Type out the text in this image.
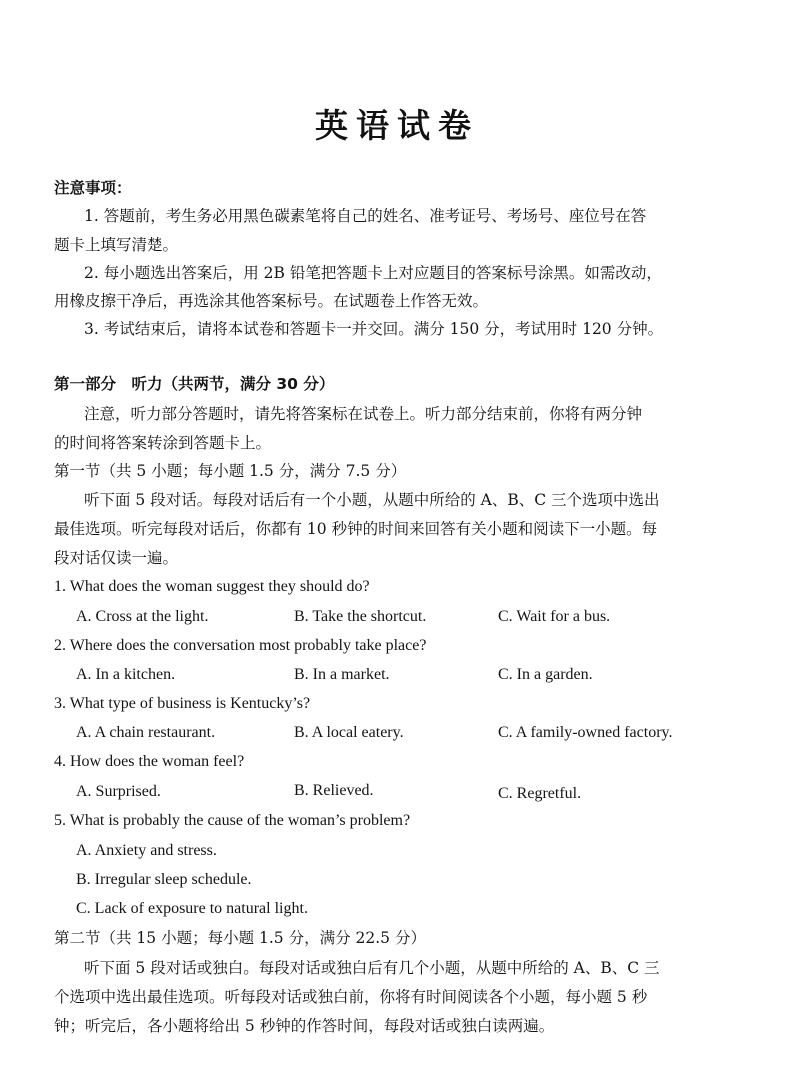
英语试卷
注意事项：
1. 答题前，考生务必用黑色碳素笔将自己的姓名、准考证号、考场号、座位号在答
题卡上填写清楚。
2. 每小题选出答案后，用 2B 铅笔把答题卡上对应题目的答案标号涂黑。如需改动，
用橡皮擦干净后，再选涂其他答案标号。在试题卷上作答无效。
3. 考试结束后，请将本试卷和答题卡一并交回。满分 150 分，考试用时 120 分钟。
第一部分　听力（共两节，满分 30 分）
注意，听力部分答题时，请先将答案标在试卷上。听力部分结束前，你将有两分钟
的时间将答案转涂到答题卡上。
第一节（共 5 小题；每小题 1.5 分，满分 7.5 分）
听下面 5 段对话。每段对话后有一个小题，从题中所给的 A、B、C 三个选项中选出
最佳选项。听完每段对话后，你都有 10 秒钟的时间来回答有关小题和阅读下一小题。每
段对话仅读一遍。
1. What does the woman suggest they should do?
A. Cross at the light.	B. Take the shortcut.	C. Wait for a bus.
2. Where does the conversation most probably take place?
A. In a kitchen.	B. In a market.	C. In a garden.
3. What type of business is Kentucky’s?
A. A chain restaurant.	B. A local eatery.	C. A family-owned factory.
4. How does the woman feel?
A. Surprised.	B. Relieved.	C. Regretful.
5. What is probably the cause of the woman’s problem?
A. Anxiety and stress.
B. Irregular sleep schedule.
C. Lack of exposure to natural light.
第二节（共 15 小题；每小题 1.5 分，满分 22.5 分）
听下面 5 段对话或独白。每段对话或独白后有几个小题，从题中所给的 A、B、C 三
个选项中选出最佳选项。听每段对话或独白前，你将有时间阅读各个小题，每小题 5 秒
钟；听完后，各小题将给出 5 秒钟的作答时间，每段对话或独白读两遍。
